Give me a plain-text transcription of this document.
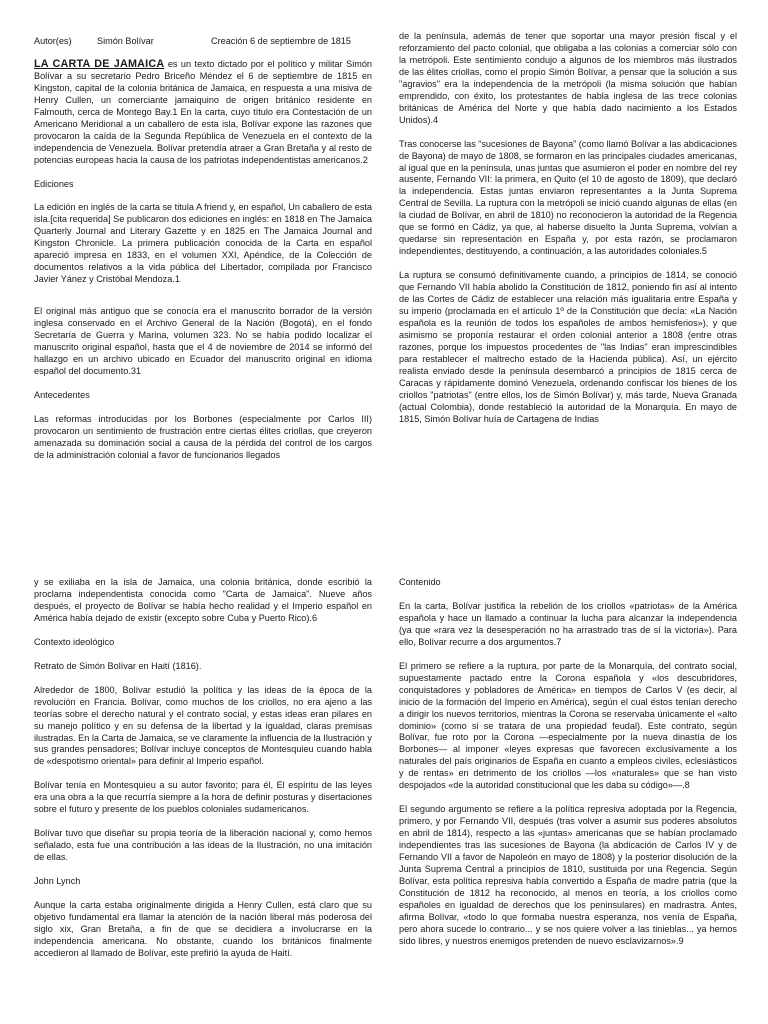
Autor(es)	Simón Bolívar	Creación 6 de septiembre de 1815

LA CARTA DE JAMAICA es un texto dictado por el político y militar Simón Bolívar a su secretario Pedro Briceño Méndez el 6 de septiembre de 1815 en Kingston, capital de la colonia británica de Jamaica, en respuesta a una misiva de Henry Cullen, un comerciante jamaiquino de origen británico residente en Falmouth, cerca de Montego Bay.1 En la carta, cuyo título era Contestación de un Americano Meridional a un caballero de esta isla, Bolívar expone las razones que provocaron la caída de la Segunda República de Venezuela en el contexto de la independencia de Venezuela. Bolívar pretendía atraer a Gran Bretaña y al resto de potencias europeas hacia la causa de los patriotas independentistas americanos.2

Ediciones

La edición en inglés de la carta se titula A friend y, en español, Un caballero de esta isla.[cita requerida] Se publicaron dos ediciones en inglés: en 1818 en The Jamaica Quarterly Journal and Literary Gazette y en 1825 en The Jamaica Journal and Kingston Chronicle. La primera publicación conocida de la Carta en español apareció impresa en 1833, en el volumen XXI, Apéndice, de la Colección de documentos relativos a la vida pública del Libertador, compilada por Francisco Javier Yánez y Cristóbal Mendoza.1

El original más antiguo que se conocía era el manuscrito borrador de la versión inglesa conservado en el Archivo General de la Nación (Bogotá), en el fondo Secretaría de Guerra y Marina, volumen 323. No se había podido localizar el manuscrito original español, hasta que el 4 de noviembre de 2014 se informó del hallazgo en un archivo ubicado en Ecuador del manuscrito original en idioma español del documento.31

Antecedentes

Las reformas introducidas por los Borbones (especialmente por Carlos III) provocaron un sentimiento de frustración entre ciertas élites criollas, que creyeron amenazada su dominación social a causa de la pérdida del control de los cargos de la administración colonial a favor de funcionarios llegados

de la península, además de tener que soportar una mayor presión fiscal y el reforzamiento del pacto colonial, que obligaba a las colonias a comerciar sólo con la metrópoli. Este sentimiento condujo a algunos de los miembros más ilustrados de las élites criollas, como el propio Simón Bolívar, a pensar que la solución a sus "agravios" era la independencia de la metrópoli (la misma solución que habían emprendido, con éxito, los protestantes de habla inglesa de las trece colonias británicas de América del Norte y que había dado nacimiento a los Estados Unidos).4

Tras conocerse las “sucesiones de Bayona” (como llamó Bolívar a las abdicaciones de Bayona) de mayo de 1808, se formaron en las principales ciudades americanas, al igual que en la península, unas juntas que asumieron el poder en nombre del rey ausente, Fernando VII: la primera, en Quito (el 10 de agosto de 1809), que declaró la independencia. Estas juntas enviaron representantes a la Junta Suprema Central de Sevilla. La ruptura con la metrópoli se inició cuando algunas de ellas (en la ciudad de Bolívar, en abril de 1810) no reconocieron la autoridad de la Regencia que se formó en Cádiz, ya que, al haberse disuelto la Junta Suprema, volvían a quedarse sin representación en España y, por esta razón, se proclamaron independientes, destituyendo, a continuación, a las autoridades coloniales.5

La ruptura se consumó definitivamente cuando, a principios de 1814, se conoció que Fernando VII había abolido la Constitución de 1812, poniendo fin así al intento de las Cortes de Cádiz de establecer una relación más igualitaria entre España y su imperio (proclamada en el artículo 1º de la Constitución que decía: «La Nación española es la reunión de todos los españoles de ambos hemisferios»), y que asimismo se proponía restaurar el orden colonial anterior a 1808 (entre otras razones, porque los impuestos procedentes de "las Indias" eran imprescindibles para restablecer el maltrecho estado de la Hacienda pública). Así, un ejército realista enviado desde la península desembarcó a principios de 1815 cerca de Caracas y rápidamente dominó Venezuela, ordenando confiscar los bienes de los criollos "patriotas" (entre ellos, los de Simón Bolívar) y, más tarde, Nueva Granada (actual Colombia), donde restableció la autoridad de la Monarquía. En mayo de 1815, Simón Bolívar huía de Cartagena de Indias

y se exiliaba en la isla de Jamaica, una colonia británica, donde escribió la proclama independentista conocida como "Carta de Jamaica". Nueve años después, el proyecto de Bolívar se había hecho realidad y el Imperio español en América había dejado de existir (excepto sobre Cuba y Puerto Rico).6

Contexto ideológico

Retrato de Simón Bolívar en Haití (1816).

Alrededor de 1800, Bolívar estudió la política y las ideas de la época de la revolución en Francia. Bolívar, como muchos de los criollos, no era ajeno a las teorías sobre el derecho natural y el contrato social, y estas ideas eran pilares en su manejo político y en su defensa de la libertad y la igualdad, claras premisas ilustradas. En la Carta de Jamaica, se ve claramente la influencia de la Ilustración y sus grandes pensadores; Bolívar incluye conceptos de Montesquieu cuando habla de «despotismo oriental» para definir al Imperio español.

Bolívar tenía en Montesquieu a su autor favorito; para él, El espíritu de las leyes era una obra a la que recurría siempre a la hora de definir posturas y disertaciones sobre el futuro y presente de los pueblos coloniales sudamericanos.

Bolívar tuvo que diseñar su propia teoría de la liberación nacional y, como hemos señalado, esta fue una contribución a las ideas de la Ilustración, no una imitación de ellas.

John Lynch

Aunque la carta estaba originalmente dirigida a Henry Cullen, está claro que su objetivo fundamental era llamar la atención de la nación liberal más poderosa del siglo xix, Gran Bretaña, a fin de que se decidiera a involucrarse en la independencia americana. No obstante, cuando los británicos finalmente accedieron al llamado de Bolívar, este prefirió la ayuda de Haití.

Contenido

En la carta, Bolívar justifica la rebelión de los criollos «patriotas» de la América española y hace un llamado a continuar la lucha para alcanzar la independencia (ya que «rara vez la desesperación no ha arrastrado tras de sí la victoria»). Para ello, Bolívar recurre a dos argumentos.7

El primero se refiere a la ruptura, por parte de la Monarquía, del contrato social, supuestamente pactado entre la Corona española y «los descubridores, conquistadores y pobladores de América» en tiempos de Carlos V (es decir, al inicio de la formación del Imperio en América), según el cual éstos tenían derecho a dirigir los nuevos territorios, mientras la Corona se reservaba únicamente el «alto dominio» (como si se tratara de una propiedad feudal). Este contrato, según Bolívar, fue roto por la Corona —especialmente por la nueva dinastía de los Borbones— al imponer «leyes expresas que favorecen exclusivamente a los naturales del país originarios de España en cuanto a empleos civiles, eclesiásticos y de rentas» en detrimento de los criollos —los «naturales» que se han visto despojados «de la autoridad constitucional que les daba su código»—.8

El segundo argumento se refiere a la política represiva adoptada por la Regencia, primero, y por Fernando VII, después (tras volver a asumir sus poderes absolutos en abril de 1814), respecto a las «juntas» americanas que se habían proclamado independientes tras las sucesiones de Bayona (la abdicación de Carlos IV y de Fernando VII a favor de Napoleón en mayo de 1808) y la posterior disolución de la Junta Suprema Central a principios de 1810, sustituida por una Regencia. Según Bolívar, esta política represiva había convertido a España de madre patria (que la Constitución de 1812 ha reconocido, al menos en teoría, a los criollos como españoles en igualdad de derechos que los peninsulares) en madrastra. Antes, afirma Bolívar, «todo lo que formaba nuestra esperanza, nos venía de España, pero ahora sucede lo contrario... y se nos quiere volver a las tinieblas... ya hemos sido libres, y nuestros enemigos pretenden de nuevo esclavizarnos».9
